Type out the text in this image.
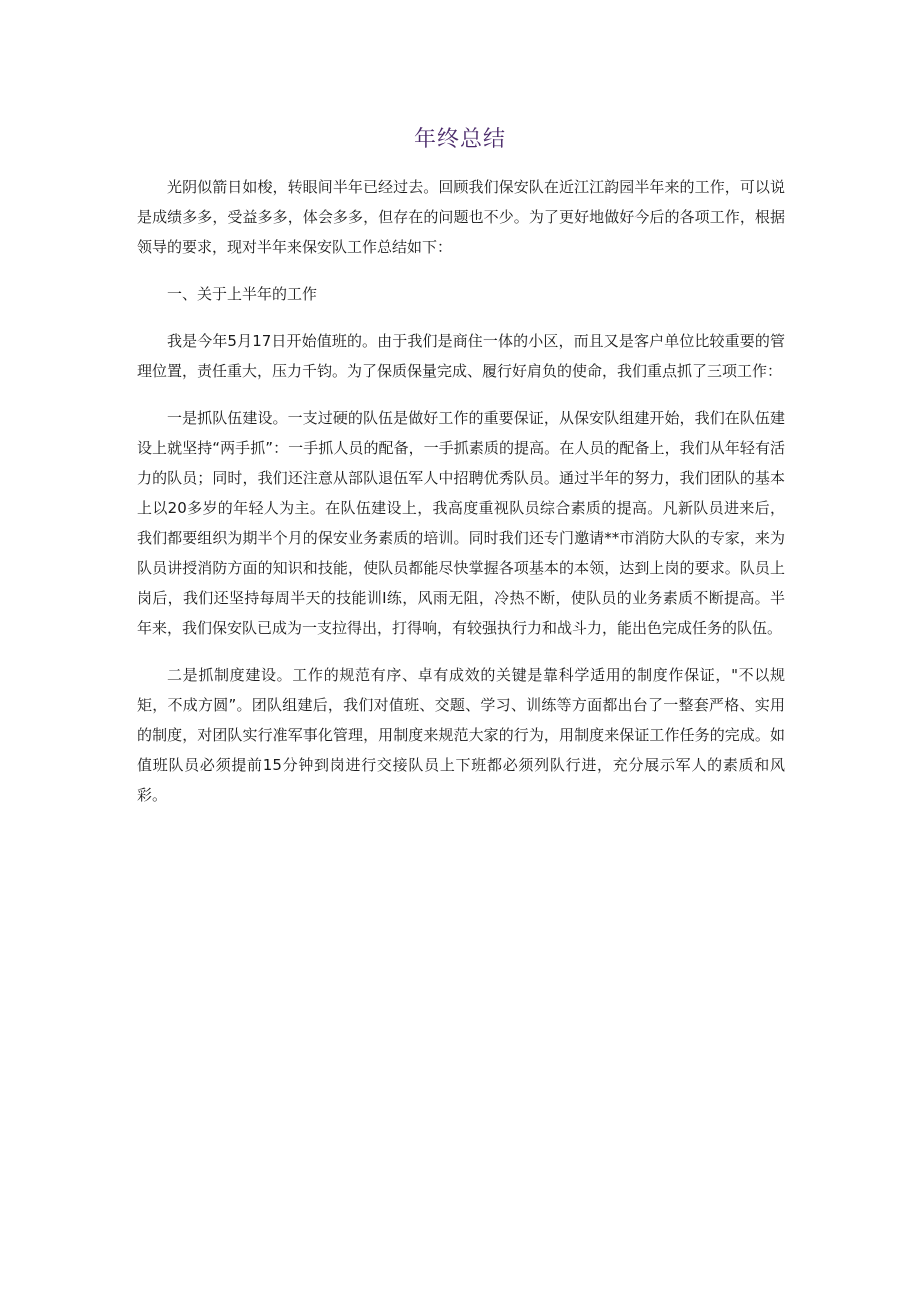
年终总结

光阴似箭日如梭，转眼间半年已经过去。回顾我们保安队在近江江韵园半年来的工作，可以说是成绩多多，受益多多，体会多多，但存在的问题也不少。为了更好地做好今后的各项工作，根据领导的要求，现对半年来保安队工作总结如下：

一、关于上半年的工作

我是今年5月17日开始值班的。由于我们是商住一体的小区，而且又是客户单位比较重要的管理位置，责任重大，压力千钧。为了保质保量完成、履行好肩负的使命，我们重点抓了三项工作：

一是抓队伍建设。一支过硬的队伍是做好工作的重要保证，从保安队组建开始，我们在队伍建设上就坚持“两手抓”：一手抓人员的配备，一手抓素质的提高。在人员的配备上，我们从年轻有活力的队员；同时，我们还注意从部队退伍军人中招聘优秀队员。通过半年的努力，我们团队的基本上以20多岁的年轻人为主。在队伍建设上，我高度重视队员综合素质的提高。凡新队员进来后，我们都要组织为期半个月的保安业务素质的培训。同时我们还专门邀请**市消防大队的专家，来为队员讲授消防方面的知识和技能，使队员都能尽快掌握各项基本的本领，达到上岗的要求。队员上岗后，我们还坚持每周半天的技能训Ⅰ练，风雨无阻，冷热不断，使队员的业务素质不断提高。半年来，我们保安队已成为一支拉得出，打得响，有较强执行力和战斗力，能出色完成任务的队伍。

二是抓制度建设。工作的规范有序、卓有成效的关键是靠科学适用的制度作保证，"不以规矩，不成方圆”。团队组建后，我们对值班、交题、学习、训练等方面都出台了一整套严格、实用的制度，对团队实行准军事化管理，用制度来规范大家的行为，用制度来保证工作任务的完成。如值班队员必须提前15分钟到岗进行交接队员上下班都必须列队行进，充分展示军人的素质和风彩。
